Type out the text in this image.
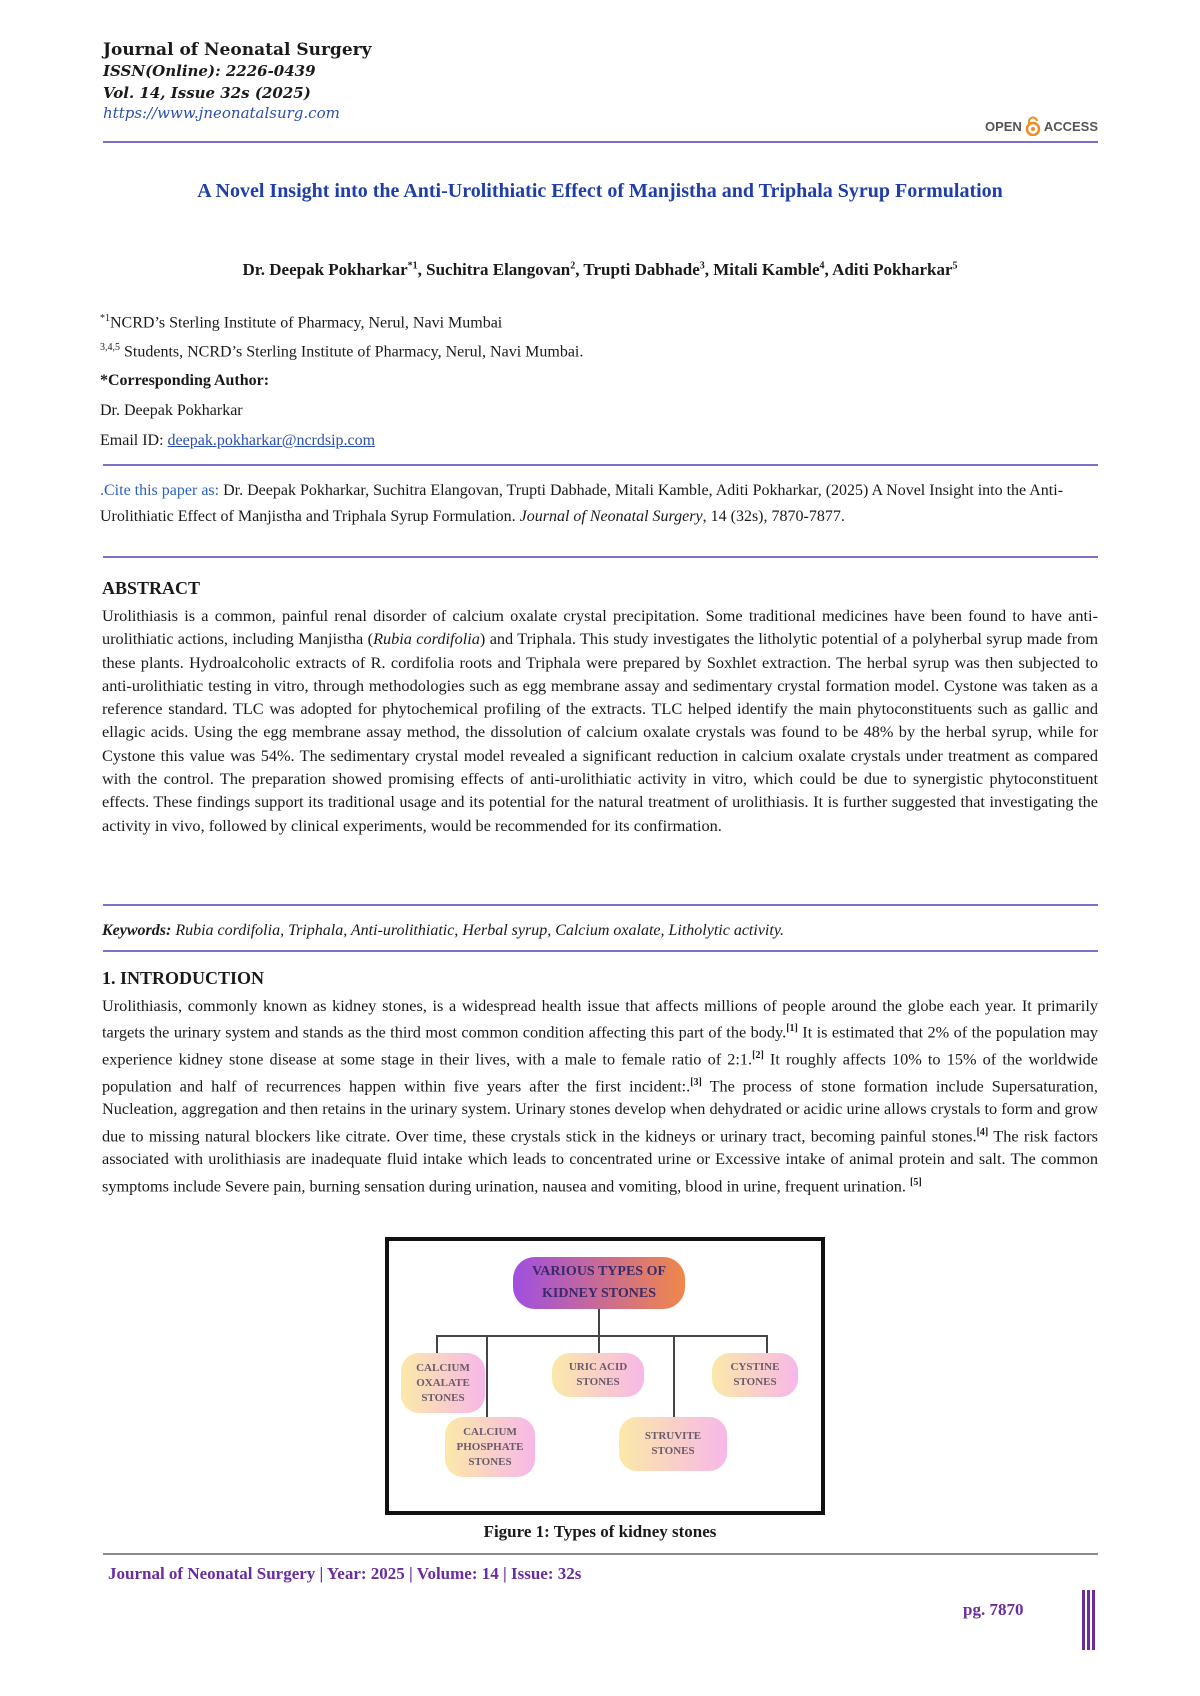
Journal of Neonatal Surgery
ISSN(Online): 2226-0439
Vol. 14, Issue 32s (2025)
https://www.jneonatalsurg.com
OPEN ACCESS
A Novel Insight into the Anti-Urolithiatic Effect of Manjistha and Triphala Syrup Formulation
Dr. Deepak Pokharkar$^{*1}$, Suchitra Elangovan$^2$, Trupti Dabhade$^3$, Mitali Kamble$^4$, Aditi Pokharkar$^5$
$^{*1}$NCRD’s Sterling Institute of Pharmacy, Nerul, Navi Mumbai
$^{3,4,5}$ Students, NCRD’s Sterling Institute of Pharmacy, Nerul, Navi Mumbai.
*Corresponding Author:
Dr. Deepak Pokharkar
Email ID: deepak.pokharkar@ncrdsip.com
.Cite this paper as: Dr. Deepak Pokharkar, Suchitra Elangovan, Trupti Dabhade, Mitali Kamble, Aditi Pokharkar, (2025) A Novel Insight into the Anti-Urolithiatic Effect of Manjistha and Triphala Syrup Formulation. Journal of Neonatal Surgery, 14 (32s), 7870-7877.
ABSTRACT
Urolithiasis is a common, painful renal disorder of calcium oxalate crystal precipitation. Some traditional medicines have been found to have anti-urolithiatic actions, including Manjistha (Rubia cordifolia) and Triphala. This study investigates the litholytic potential of a polyherbal syrup made from these plants. Hydroalcoholic extracts of R. cordifolia roots and Triphala were prepared by Soxhlet extraction. The herbal syrup was then subjected to anti-urolithiatic testing in vitro, through methodologies such as egg membrane assay and sedimentary crystal formation model. Cystone was taken as a reference standard. TLC was adopted for phytochemical profiling of the extracts. TLC helped identify the main phytoconstituents such as gallic and ellagic acids. Using the egg membrane assay method, the dissolution of calcium oxalate crystals was found to be 48% by the herbal syrup, while for Cystone this value was 54%. The sedimentary crystal model revealed a significant reduction in calcium oxalate crystals under treatment as compared with the control. The preparation showed promising effects of anti-urolithiatic activity in vitro, which could be due to synergistic phytoconstituent effects. These findings support its traditional usage and its potential for the natural treatment of urolithiasis. It is further suggested that investigating the activity in vivo, followed by clinical experiments, would be recommended for its confirmation.
Keywords: Rubia cordifolia, Triphala, Anti-urolithiatic, Herbal syrup, Calcium oxalate, Litholytic activity.
1. INTRODUCTION
Urolithiasis, commonly known as kidney stones, is a widespread health issue that affects millions of people around the globe each year. It primarily targets the urinary system and stands as the third most common condition affecting this part of the body.[1] It is estimated that 2% of the population may experience kidney stone disease at some stage in their lives, with a male to female ratio of 2:1.[2] It roughly affects 10% to 15% of the worldwide population and half of recurrences happen within five years after the first incident:.[3] The process of stone formation include Supersaturation, Nucleation, aggregation and then retains in the urinary system. Urinary stones develop when dehydrated or acidic urine allows crystals to form and grow due to missing natural blockers like citrate. Over time, these crystals stick in the kidneys or urinary tract, becoming painful stones.[4] The risk factors associated with urolithiasis are inadequate fluid intake which leads to concentrated urine or Excessive intake of animal protein and salt. The common symptoms include Severe pain, burning sensation during urination, nausea and vomiting, blood in urine, frequent urination. [5]
VARIOUS TYPES OF
KIDNEY STONES
CALCIUM
OXALATE
STONES
URIC ACID
STONES
CYSTINE
STONES
CALCIUM
PHOSPHATE
STONES
STRUVITE
STONES
Figure 1: Types of kidney stones
Journal of Neonatal Surgery | Year: 2025 | Volume: 14 | Issue: 32s
pg. 7870
